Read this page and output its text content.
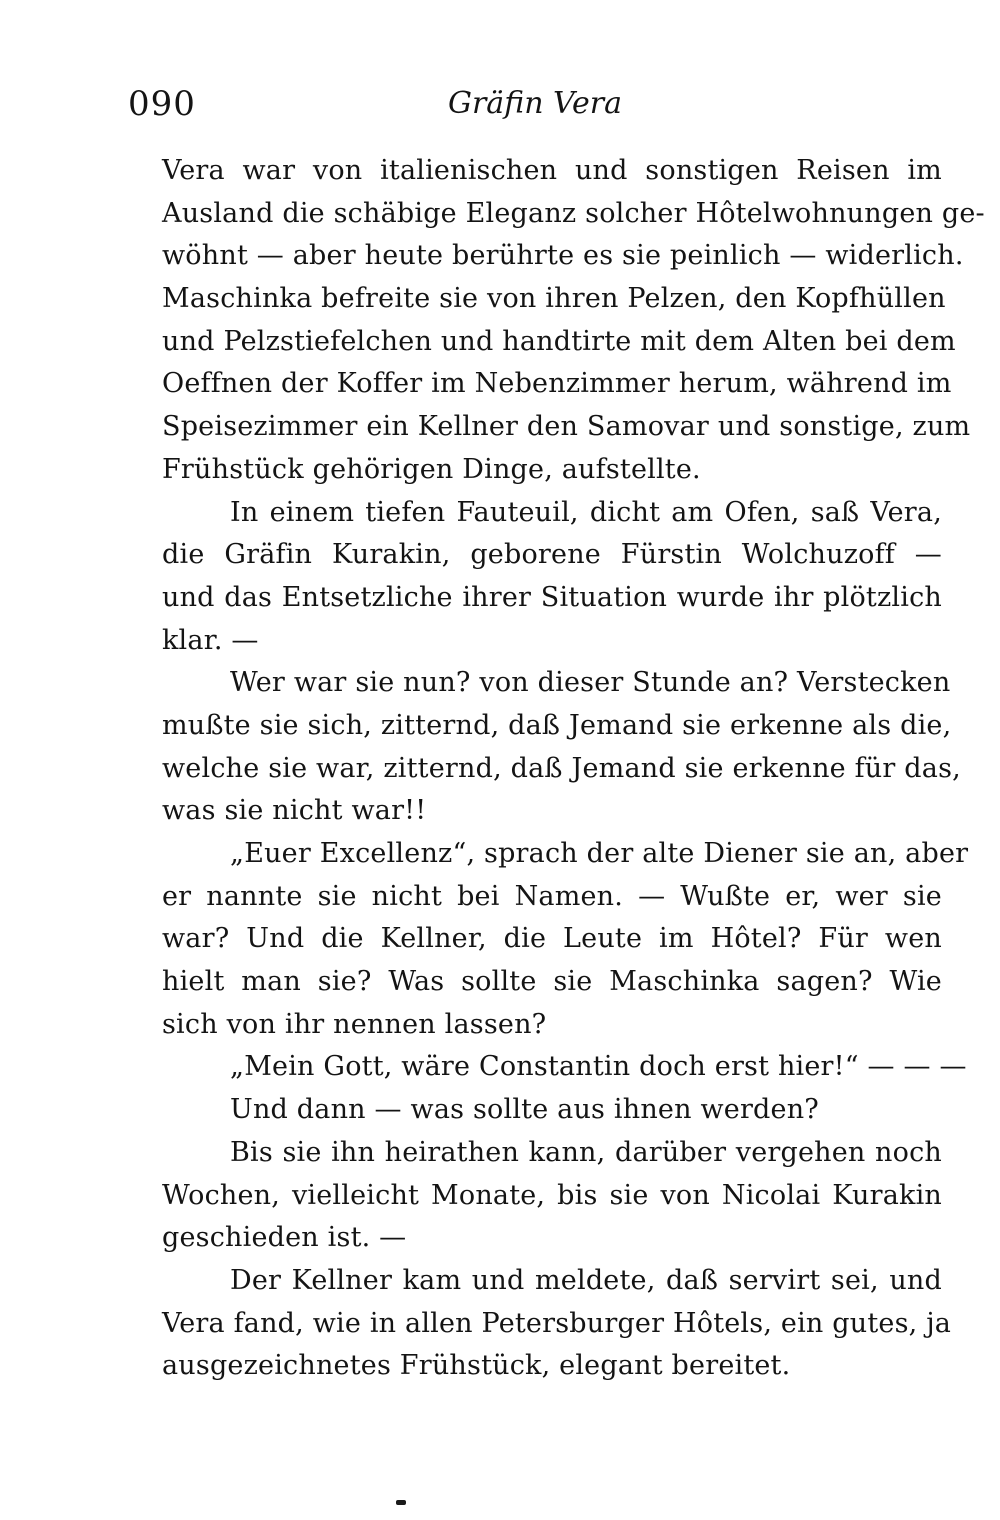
090	Gräfin Vera
Vera war von italienischen und sonstigen Reisen im
Ausland die schäbige Eleganz solcher Hôtelwohnungen ge-
wöhnt — aber heute berührte es sie peinlich — widerlich.
Maschinka befreite sie von ihren Pelzen, den Kopfhüllen
und Pelzstiefelchen und handtirte mit dem Alten bei dem
Oeffnen der Koffer im Nebenzimmer herum, während im
Speisezimmer ein Kellner den Samovar und sonstige, zum
Frühstück gehörigen Dinge, aufstellte.
In einem tiefen Fauteuil, dicht am Ofen, saß Vera,
die Gräfin Kurakin, geborene Fürstin Wolchuzoff —
und das Entsetzliche ihrer Situation wurde ihr plötzlich
klar. —
Wer war sie nun? von dieser Stunde an? Verstecken
mußte sie sich, zitternd, daß Jemand sie erkenne als die,
welche sie war, zitternd, daß Jemand sie erkenne für das,
was sie nicht war!!
„Euer Excellenz“, sprach der alte Diener sie an, aber
er nannte sie nicht bei Namen. — Wußte er, wer sie
war? Und die Kellner, die Leute im Hôtel? Für wen
hielt man sie? Was sollte sie Maschinka sagen? Wie
sich von ihr nennen lassen?
„Mein Gott, wäre Constantin doch erst hier!“ — — —
Und dann — was sollte aus ihnen werden?
Bis sie ihn heirathen kann, darüber vergehen noch
Wochen, vielleicht Monate, bis sie von Nicolai Kurakin
geschieden ist. —
Der Kellner kam und meldete, daß servirt sei, und
Vera fand, wie in allen Petersburger Hôtels, ein gutes, ja
ausgezeichnetes Frühstück, elegant bereitet.
